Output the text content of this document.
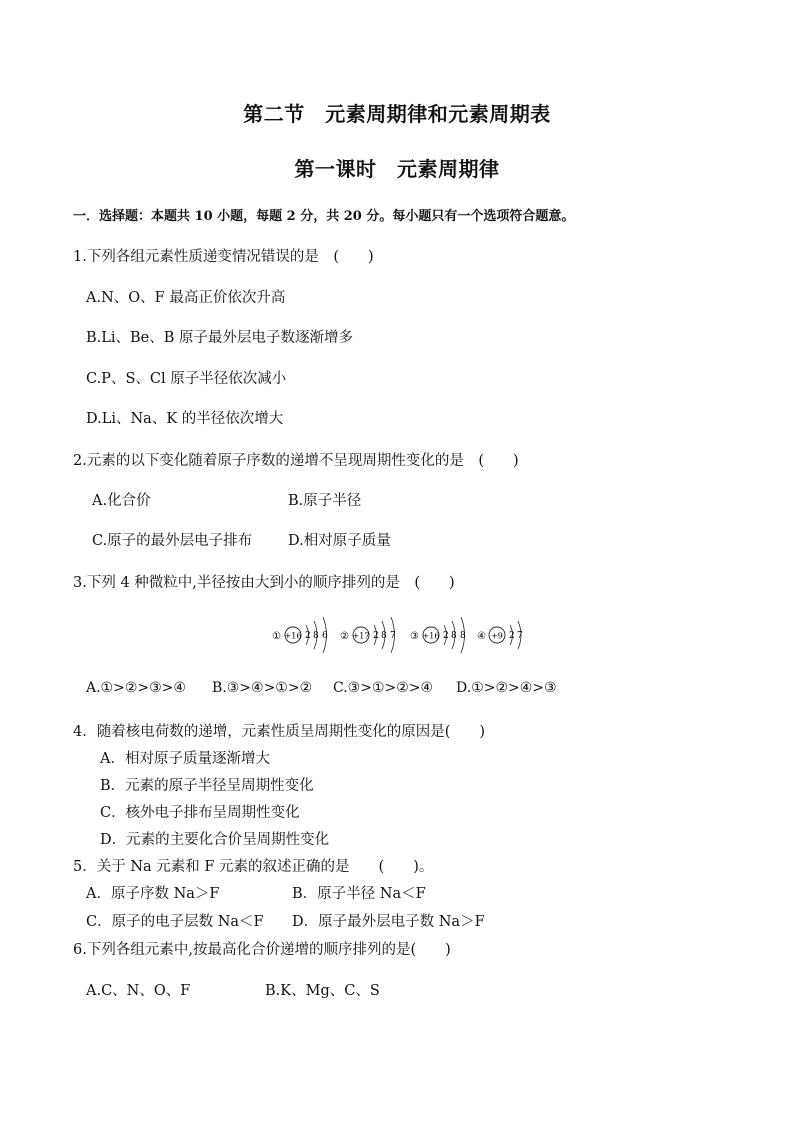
第二节　元素周期律和元素周期表
第一课时　元素周期律
一．选择题：本题共 10 小题，每题 2 分，共 20 分。每小题只有一个选项符合题意。
1.下列各组元素性质递变情况错误的是　(　　)
A.N、O、F 最高正价依次升高
B.Li、Be、B 原子最外层电子数逐渐增多
C.P、S、Cl 原子半径依次减小
D.Li、Na、K 的半径依次增大
2.元素的以下变化随着原子序数的递增不呈现周期性变化的是　(　　)
A.化合价	B.原子半径
C.原子的最外层电子排布 D.相对原子质量
3.下列 4 种微粒中,半径按由大到小的顺序排列的是　(　　)
① +16 2 8 6 ② +17 2 8 7 ③ +16 2 8 8 ④ +9 2 7
A.①>②>③>④ B.③>④>①>② C.③>①>②>④ D.①>②>④>③
4．随着核电荷数的递增，元素性质呈周期性变化的原因是(　　)
A．相对原子质量逐渐增大
B．元素的原子半径呈周期性变化
C．核外电子排布呈周期性变化
D．元素的主要化合价呈周期性变化
5．关于 Na 元素和 F 元素的叙述正确的是　　(　　)。
A．原子序数 Na＞F	B．原子半径 Na＜F
C．原子的电子层数 Na＜F D．原子最外层电子数 Na＞F
6.下列各组元素中,按最高化合价递增的顺序排列的是(　　)
A.C、N、O、F	B.K、Mg、C、S
